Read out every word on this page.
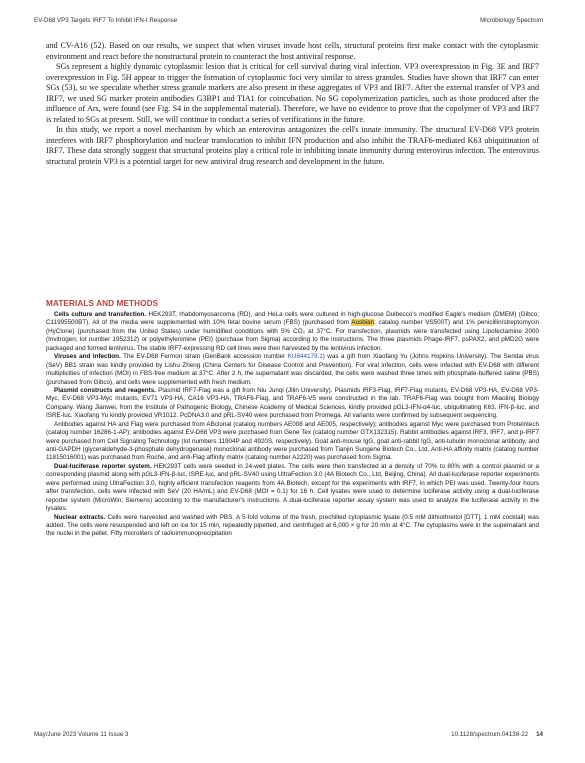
EV-D68 VP3 Targets IRF7 To Inhibit IFN-I Response	Microbiology Spectrum

and CV-A16 (52). Based on our results, we suspect that when viruses invade host cells, structural proteins first make contact with the cytoplasmic environment and react before the nonstructural protein to counteract the host antiviral response.

SGs represent a highly dynamic cytoplasmic lesion that is critical for cell survival during viral infection. VP3 overexpression in Fig. 3E and IRF7 overexpression in Fig. 5H appear to trigger the formation of cytoplasmic foci very similar to stress granules. Studies have shown that IRF7 can enter SGs (53), so we speculate whether stress granule markers are also present in these aggregates of VP3 and IRF7. After the external transfer of VP3 and IRF7, we used SG marker protein antibodies G3BP1 and TIA1 for coincubation. No SG copolymerization particles, such as those produced after the influence of Ars, were found (see Fig. S4 in the supplemental material). Therefore, we have no evidence to prove that the copolymer of VP3 and IRF7 is related to SGs at present. Still, we will continue to conduct a series of verifications in the future.

In this study, we report a novel mechanism by which an enterovirus antagonizes the cell's innate immunity. The structural EV-D68 VP3 protein interferes with IRF7 phosphorylation and nuclear translocation to inhibit IFN production and also inhibit the TRAF6-mediated K63 ubiquitination of IRF7. These data strongly suggest that structural proteins play a critical role in inhibiting innate immunity during enterovirus infection. The enterovirus structural protein VP3 is a potential target for new antiviral drug research and development in the future.

MATERIALS AND METHODS

Cells culture and transfection. HEK293T, rhabdomyosarcoma (RD), and HeLa cells were cultured in high-glucose Dulbecco's modified Eagle's medium (DMEM) (Gibco; C11995500BT). All of the media were supplemented with 10% fetal bovine serum (FBS) (purchased from Ausbian; catalog number VS500T) and 1% penicillin/streptomycin (HyClone) (purchased from the United States) under humidified conditions with 5% CO₂ at 37°C. For transfection, plasmids were transfected using Lipofectamine 2000 (Invitrogen; lot number 1952312) or polyethylenimine (PEI) (purchase from Sigma) according to the instructions. The three plasmids Phage-IRF7, psPAX2, and pMD2G were packaged and formed lentivirus. The stable IRF7-expressing RD cell lines were then harvested by the lentivirus infection.

Viruses and infection. The EV-D68 Fermon strain (GenBank accession number KU844179.1) was a gift from Xiaofang Yu (Johns Hopkins University). The Sendai virus (SeV) BB1 strain was kindly provided by Lishu Zheng (China Centers for Disease Control and Prevention). For viral infection, cells were infected with EV-D68 with different multiplicities of infection (MOI) in FBS-free medium at 37°C. After 2 h, the supernatant was discarded, the cells were washed three times with phosphate-buffered saline (PBS) (purchased from Gibco), and cells were supplemented with fresh medium.

Plasmid constructs and reagents. Plasmid IRF7-Flag was a gift from Niu Junqi (Jilin University). Plasmids IRF3-Flag, IRF7-Flag mutants, EV-D68 VP3-HA, EV-D68 VP3-Myc, EV-D68 VP3-Myc mutants, EV71 VP3-HA, CA16 VP3-HA, TRAF6-Flag, and TRAF6-V5 were constructed in the lab. TRAF6-Flag was bought from Miaoling Biology Company. Wang Jianwei, from the Institute of Pathogenic Biology, Chinese Academy of Medical Sciences, kindly provided pGL3-IFN-α4-luc, ubiquitinating K63, IFN-β-luc, and ISRE-luc. Xiaofang Yu kindly provided VR1012. PcDNA3.0 and pRL-SV40 were purchased from Promega. All variants were confirmed by subsequent sequencing.

Antibodies against HA and Flag were purchased from ABclonal (catalog numbers AE008 and AE005, respectively); antibodies against Myc were purchased from Proteintech (catalog number 16286-1-AP); antibodies against EV-D68 VP3 were purchased from Gene Tex (catalog number GTX132315). Rabbit antibodies against IRF3, IRF7, and p-IRF7 were purchased from Cell Signaling Technology (lot numbers 11904P and 4920S, respectively). Goat anti-mouse IgG, goat anti-rabbit IgG, anti-tubulin monoclonal antibody, and anti-GAPDH (glyceraldehyde-3-phosphate dehydrogenase) monoclonal antibody were purchased from Tianjin Sungene Biotech Co., Ltd. Anti-HA affinity matrix (catalog number 11815016001) was purchased from Roche, and anti-Flag affinity matrix (catalog number A2220) was purchased from Sigma.

Dual-luciferase reporter system. HEK293T cells were seeded in 24-well plates. The cells were then transfected at a density of 70% to 80% with a control plasmid or a corresponding plasmid along with pGL3-IFN-β-luc, ISRE-luc, and pRL-SV40 using UltraFection 3.0 (4A Biotech Co., Ltd, Beijing, China). All dual-luciferase reporter experiments were performed using UltraFection 3.0, highly efficient transfection reagents from 4A Biotech, except for the experiments with IRF7, in which PEI was used. Twenty-four hours after transfection, cells were infected with SeV (20 HA/mL) and EV-D68 (MOI = 0.1) for 16 h. Cell lysates were used to determine luciferase activity using a dual-luciferase reporter system (MicroWin; Siemens) according to the manufacturer's instructions. A dual-luciferase reporter assay system was used to analyze the luciferase activity in the lysates.

Nuclear extracts. Cells were harvested and washed with PBS. A 5-fold volume of the fresh, prechilled cytoplasmic lysate (0.5 mM dithiothreitol [DTT], 1 mM cocktail) was added. The cells were resuspended and left on ice for 15 min, repeatedly pipetted, and centrifuged at 6,000 × g for 20 min at 4°C. The cytoplasms were in the supernatant and the nuclei in the pellet. Fifty microliters of radioimmunoprecipitation

May/June 2023 Volume 11 Issue 3	10.1128/spectrum.04138-22 14
